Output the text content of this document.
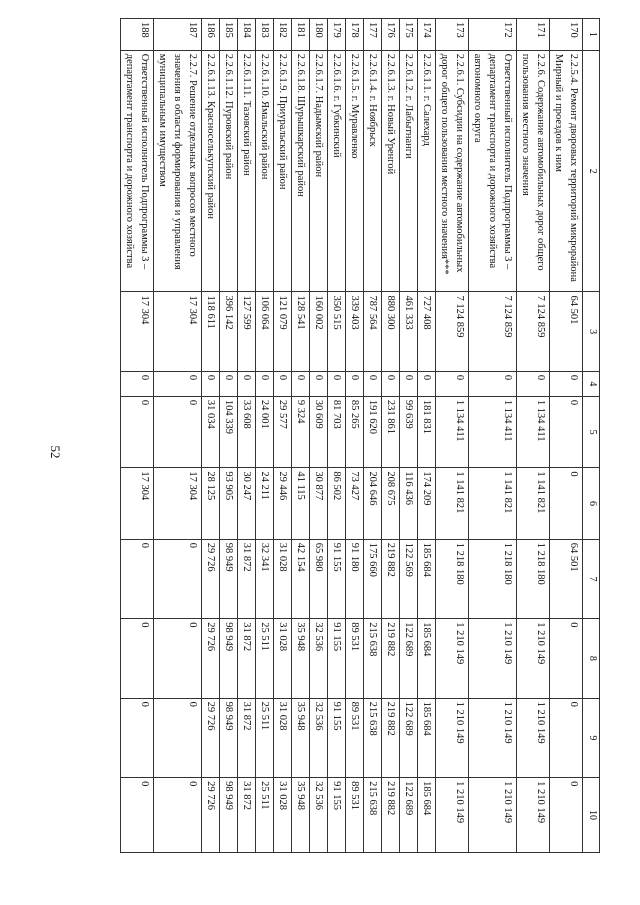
52
1	2	3	4	5	6	7	8	9	10
170	2.2.5.4. Ремонт дворовых территорий микрорайона Мирный и проездов к ним	64 501	0	0	0	64 501	0	0	0
171	2.2.6. Содержание автомобильных дорог общего пользования местного значения	7 124 859	0	1 134 411	1 141 821	1 218 180	1 210 149	1 210 149	1 210 149
172	Ответственный исполнитель Подпрограммы 3 – департамент транспорта и дорожного хозяйства автономного округа	7 124 859	0	1 134 411	1 141 821	1 218 180	1 210 149	1 210 149	1 210 149
173	2.2.6.1. Субсидии на содержание автомобильных дорог общего пользования местного значения***	7 124 859	0	1 134 411	1 141 821	1 218 180	1 210 149	1 210 149	1 210 149
174	2.2.6.1.1. г. Салехард	727 408	0	181 831	174 209	185 684	185 684	185 684	185 684
175	2.2.6.1.2. г. Лабытнанги	461 333	0	99 639	116 436	122 569	122 689	122 689	122 689
176	2.2.6.1.3. г. Новый Уренгой	880 300	0	231 861	208 675	219 882	219 882	219 882	219 882
177	2.2.6.1.4. г. Ноябрьск	787 564	0	191 620	204 646	175 660	215 638	215 638	215 638
178	2.2.6.1.5. г. Муравленко	339 403	0	85 265	73 427	91 180	89 531	89 531	89 531
179	2.2.6.1.6. г. Губкинский	350 515	0	81 703	86 502	91 155	91 155	91 155	91 155
180	2.2.6.1.7. Надымский район	160 002	0	30 609	30 877	65 980	32 536	32 536	32 536
181	2.2.6.1.8. Шурышкарский район	128 541	0	9 324	41 115	42 154	35 948	35 948	35 948
182	2.2.6.1.9. Приуральский район	121 079	0	29 577	29 446	31 028	31 028	31 028	31 028
183	2.2.6.1.10. Ямальский район	106 064	0	24 001	24 211	32 341	25 511	25 511	25 511
184	2.2.6.1.11. Тазовский район	127 599	0	33 608	30 247	31 872	31 872	31 872	31 872
185	2.2.6.1.12. Пуровский район	396 142	0	104 339	93 905	98 949	98 949	98 949	98 949
186	2.2.6.1.13. Красноселькупский район	118 611	0	31 034	28 125	29 726	29 726	29 726	29 726
187	2.2.7. Решение отдельных вопросов местного значения в области формирования и управления муниципальным имуществом	17 304	0	0	17 304	0	0	0	0
188	Ответственный исполнитель Подпрограммы 3 – департамент транспорта и дорожного хозяйства	17 304	0	0	17 304	0	0	0	0
